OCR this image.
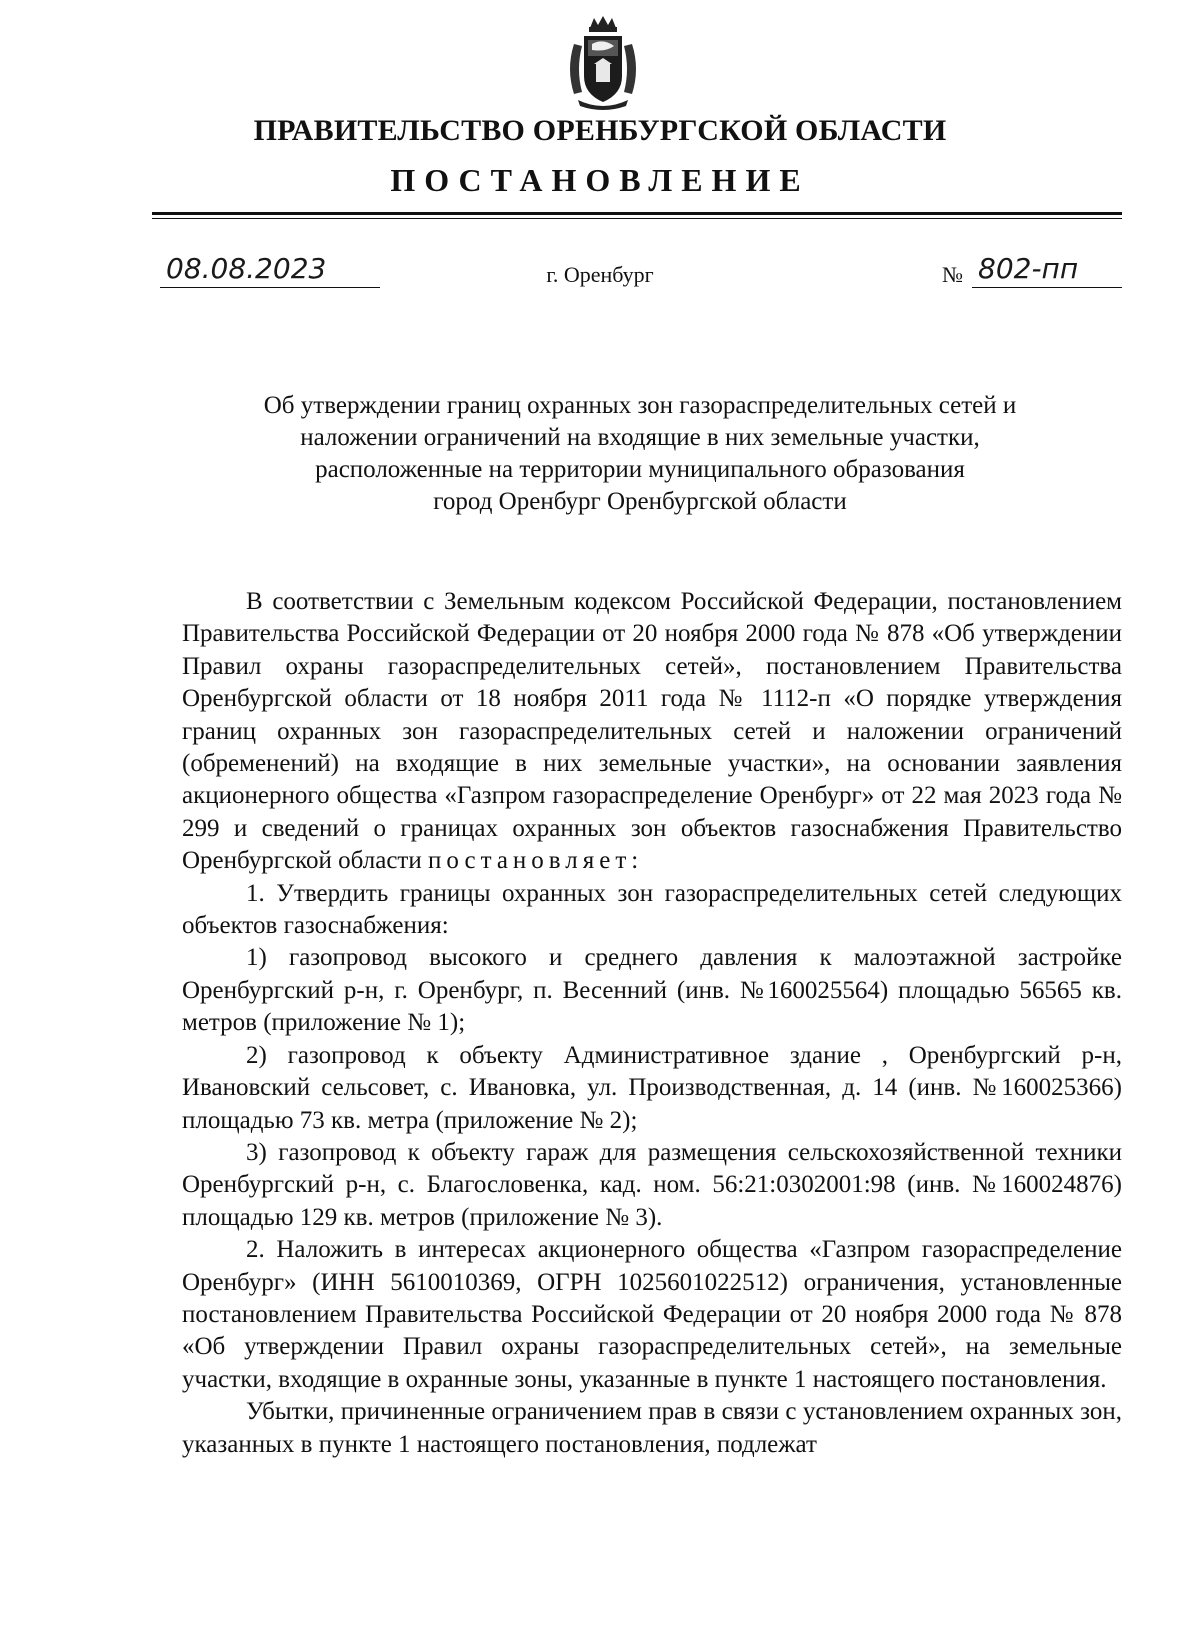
ПРАВИТЕЛЬСТВО ОРЕНБУРГСКОЙ ОБЛАСТИ
ПОСТАНОВЛЕНИЕ
08.08.2023	г. Оренбург	№ 802-пп
Об утверждении границ охранных зон газораспределительных сетей и
наложении ограничений на входящие в них земельные участки,
расположенные на территории муниципального образования
город Оренбург Оренбургской области

В соответствии с Земельным кодексом Российской Федерации, постановлением Правительства Российской Федерации от 20 ноября 2000 года № 878 «Об утверждении Правил охраны газораспределительных сетей», постановлением Правительства Оренбургской области от 18 ноября 2011 года № 1112-п «О порядке утверждения границ охранных зон газораспределительных сетей и наложении ограничений (обременений) на входящие в них земельные участки», на основании заявления акционерного общества «Газпром газораспределение Оренбург» от 22 мая 2023 года № 299 и сведений о границах охранных зон объектов газоснабжения Правительство Оренбургской области постановляет:

1. Утвердить границы охранных зон газораспределительных сетей следующих объектов газоснабжения:

1) газопровод высокого и среднего давления к малоэтажной застройке Оренбургский р-н, г. Оренбург, п. Весенний (инв. №160025564) площадью 56565 кв. метров (приложение № 1);

2) газопровод к объекту Административное здание , Оренбургский р-н, Ивановский сельсовет, с. Ивановка, ул. Производственная, д. 14 (инв. №160025366) площадью 73 кв. метра (приложение № 2);

3) газопровод к объекту гараж для размещения сельскохозяйственной техники Оренбургский р-н, с. Благословенка, кад. ном. 56:21:0302001:98 (инв. №160024876) площадью 129 кв. метров (приложение № 3).

2. Наложить в интересах акционерного общества «Газпром газораспределение Оренбург» (ИНН 5610010369, ОГРН 1025601022512) ограничения, установленные постановлением Правительства Российской Федерации от 20 ноября 2000 года № 878 «Об утверждении Правил охраны газораспределительных сетей», на земельные участки, входящие в охранные зоны, указанные в пункте 1 настоящего постановления.

Убытки, причиненные ограничением прав в связи с установлением охранных зон, указанных в пункте 1 настоящего постановления, подлежат
